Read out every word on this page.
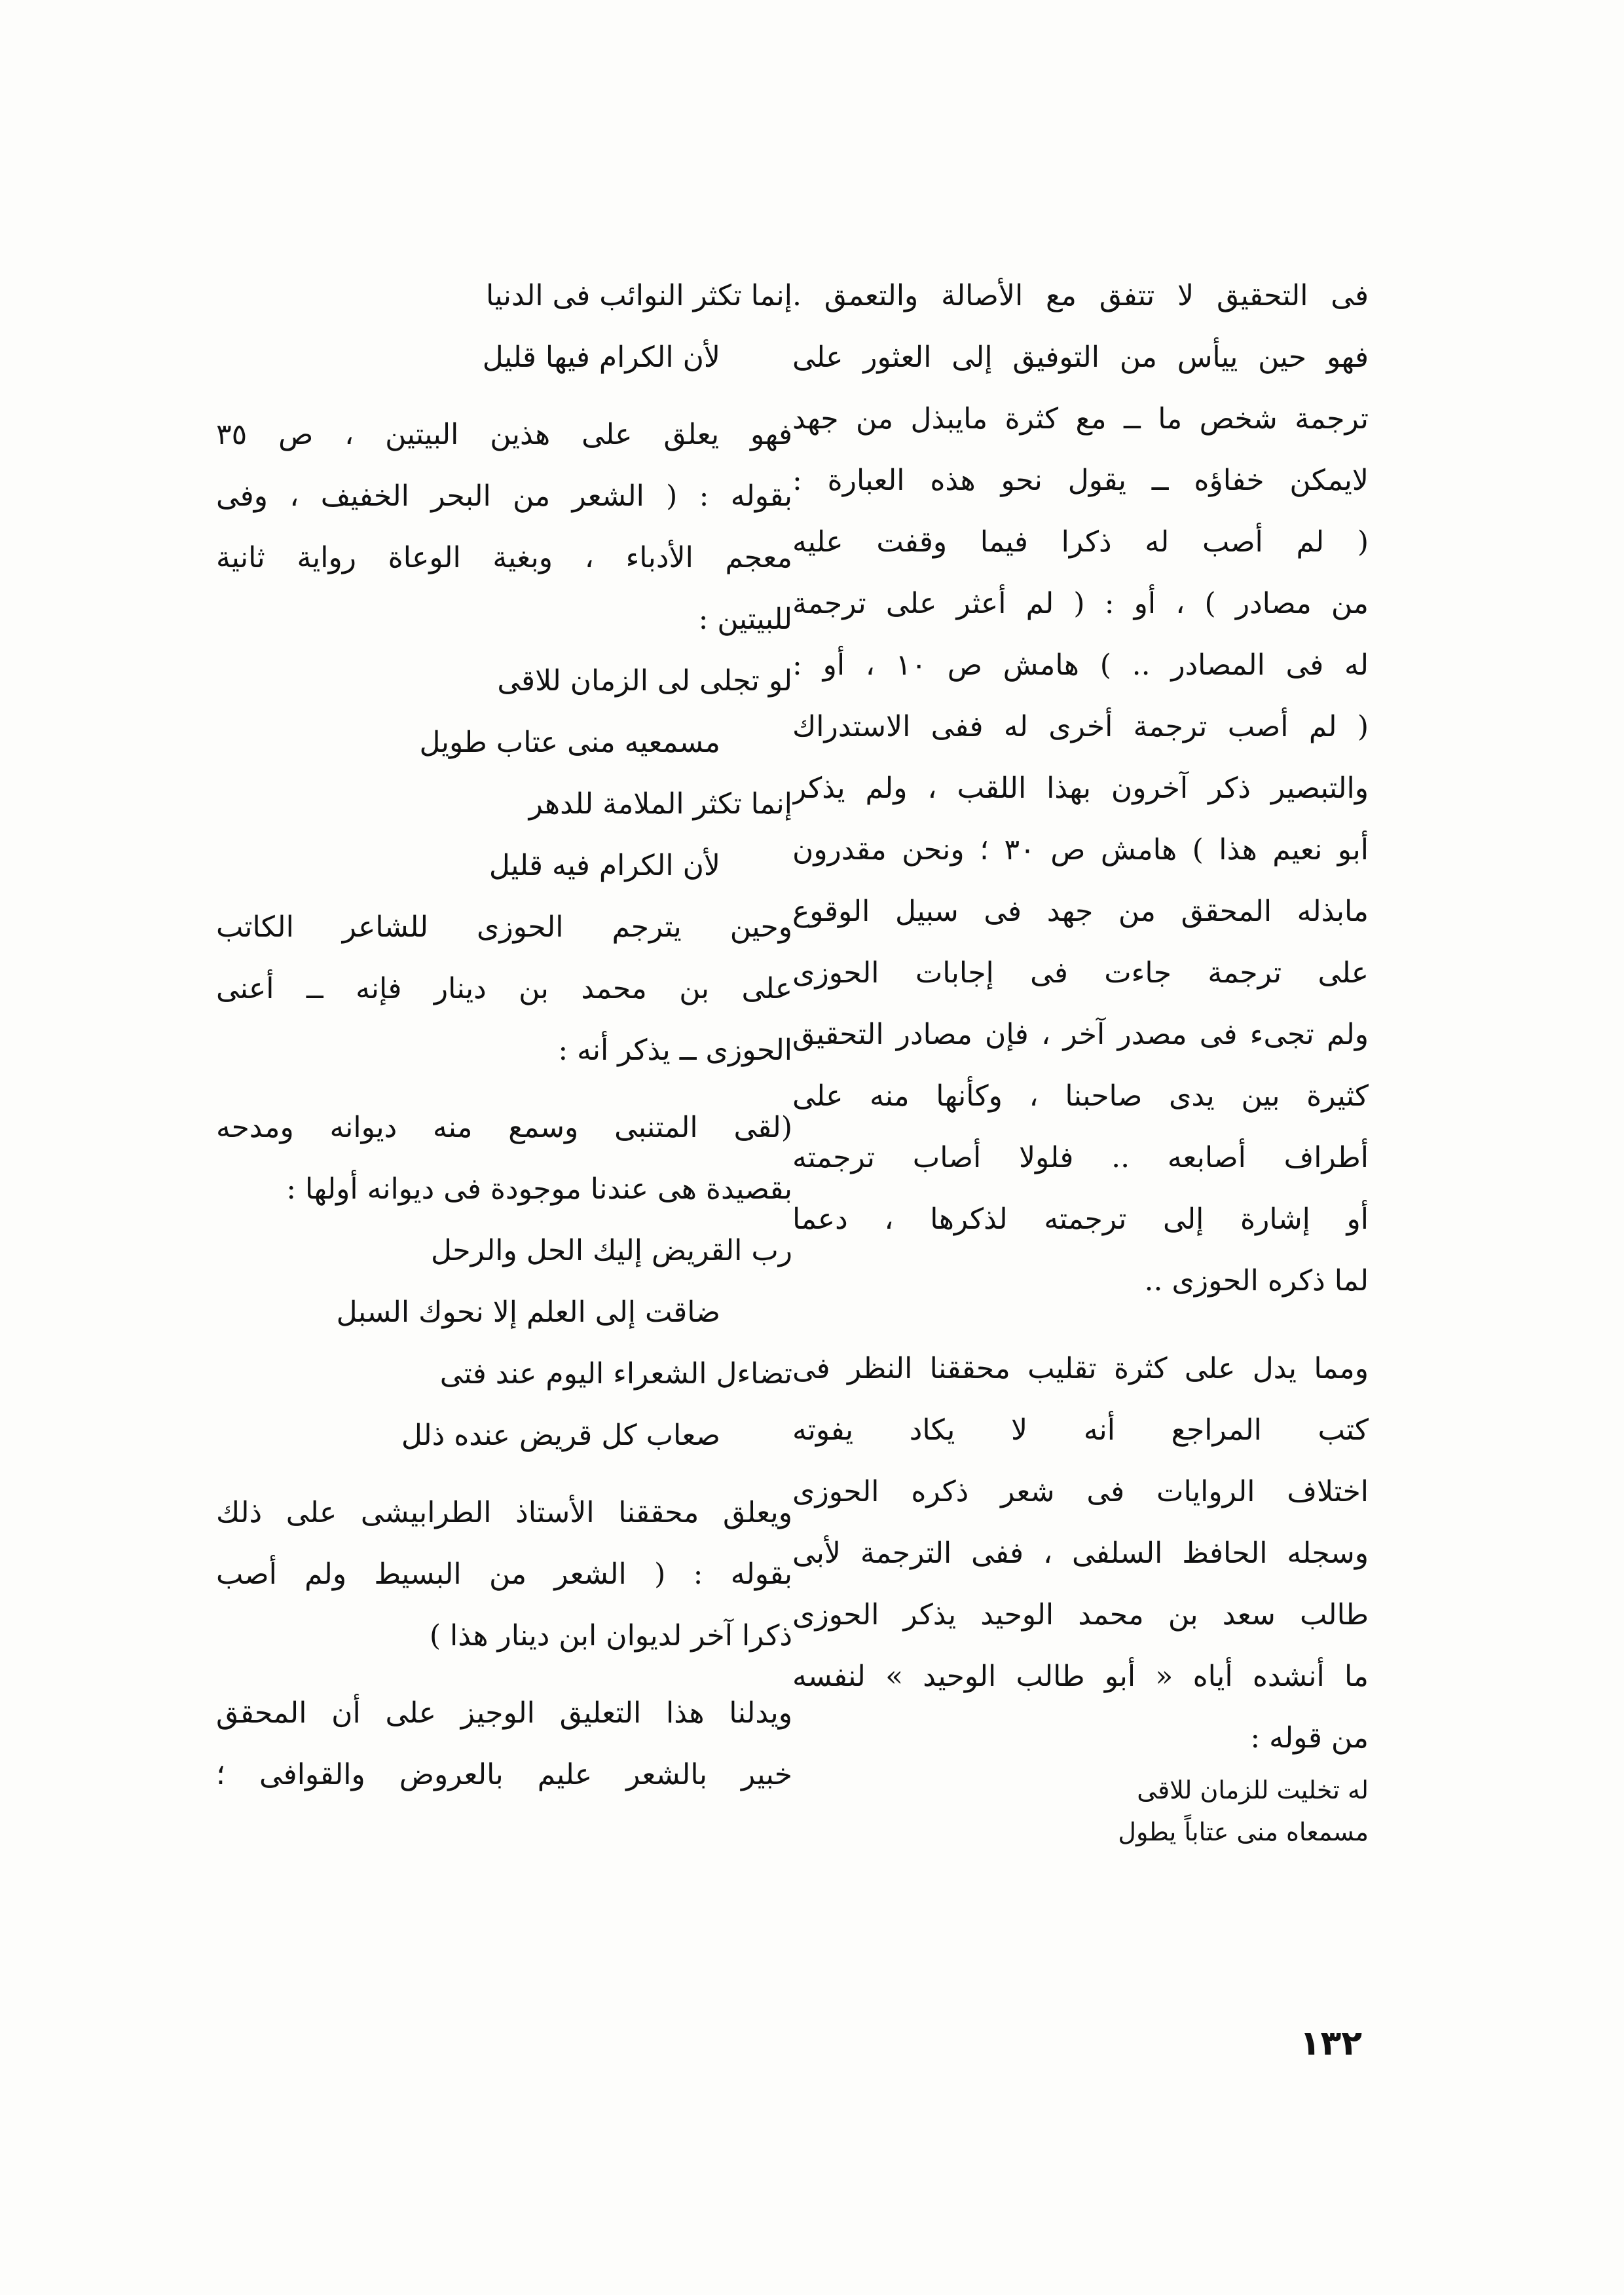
فى التحقيق لا تتفق مع الأصالة والتعمق .
فهو حين ييأس من التوفيق إلى العثور على
ترجمة شخص ما ــ مع كثرة مايبذل من جهد
لايمكن خفاؤه ــ يقول نحو هذه العبارة :
( لم أصب له ذكرا فيما وقفت عليه
من مصادر ) ، أو : ( لم أعثر على ترجمة
له فى المصادر .. ) هامش ص ١٠ ، أو :
( لم أصب ترجمة أخرى له ففى الاستدراك
والتبصير ذكر آخرون بهذا اللقب ، ولم يذكر
أبو نعيم هذا ) هامش ص ٣٠ ؛ ونحن مقدرون
مابذله المحقق من جهد فى سبيل الوقوع
على ترجمة جاءت فى إجابات الحوزى
ولم تجىء فى مصدر آخر ، فإن مصادر التحقيق
كثيرة بين يدى صاحبنا ، وكأنها منه على
أطراف أصابعه .. فلولا أصاب ترجمته
أو إشارة إلى ترجمته لذكرها ، دعما
لما ذكره الحوزى ..
ومما يدل على كثرة تقليب محققنا النظر فى
كتب المراجع أنه لا يكاد يفوته
اختلاف الروايات فى شعر ذكره الحوزى
وسجله الحافظ السلفى ، ففى الترجمة لأبى
طالب سعد بن محمد الوحيد يذكر الحوزى
ما أنشده أياه « أبو طالب الوحيد » لنفسه
من قوله :
له تخليت للزمان للاقى
مسمعاه منى عتاباً يطول
إنما تكثر النوائب فى الدنيا
لأن الكرام فيها قليل
فهو يعلق على هذين البيتين ، ص ٣٥
بقوله : ( الشعر من البحر الخفيف ، وفى
معجم الأدباء ، وبغية الوعاة رواية ثانية
للبيتين :
لو تجلى لى الزمان للاقى
مسمعيه منى عتاب طويل
إنما تكثر الملامة للدهر
لأن الكرام فيه قليل
وحين يترجم الحوزى للشاعر الكاتب
على بن محمد بن دينار فإنه ــ أعنى
الحوزى ــ يذكر أنه :
(لقى المتنبى وسمع منه ديوانه ومدحه
بقصيدة هى عندنا موجودة فى ديوانه أولها :
رب القريض إليك الحل والرحل
ضاقت إلى العلم إلا نحوك السبل
تضاءل الشعراء اليوم عند فتى
صعاب كل قريض عنده ذلل
ويعلق محققنا الأستاذ الطرابيشى على ذلك
بقوله : ( الشعر من البسيط ولم أصب
ذكرا آخر لديوان ابن دينار هذا )
ويدلنا هذا التعليق الوجيز على أن المحقق
خبير بالشعر عليم بالعروض والقوافى ؛
١٣٢
